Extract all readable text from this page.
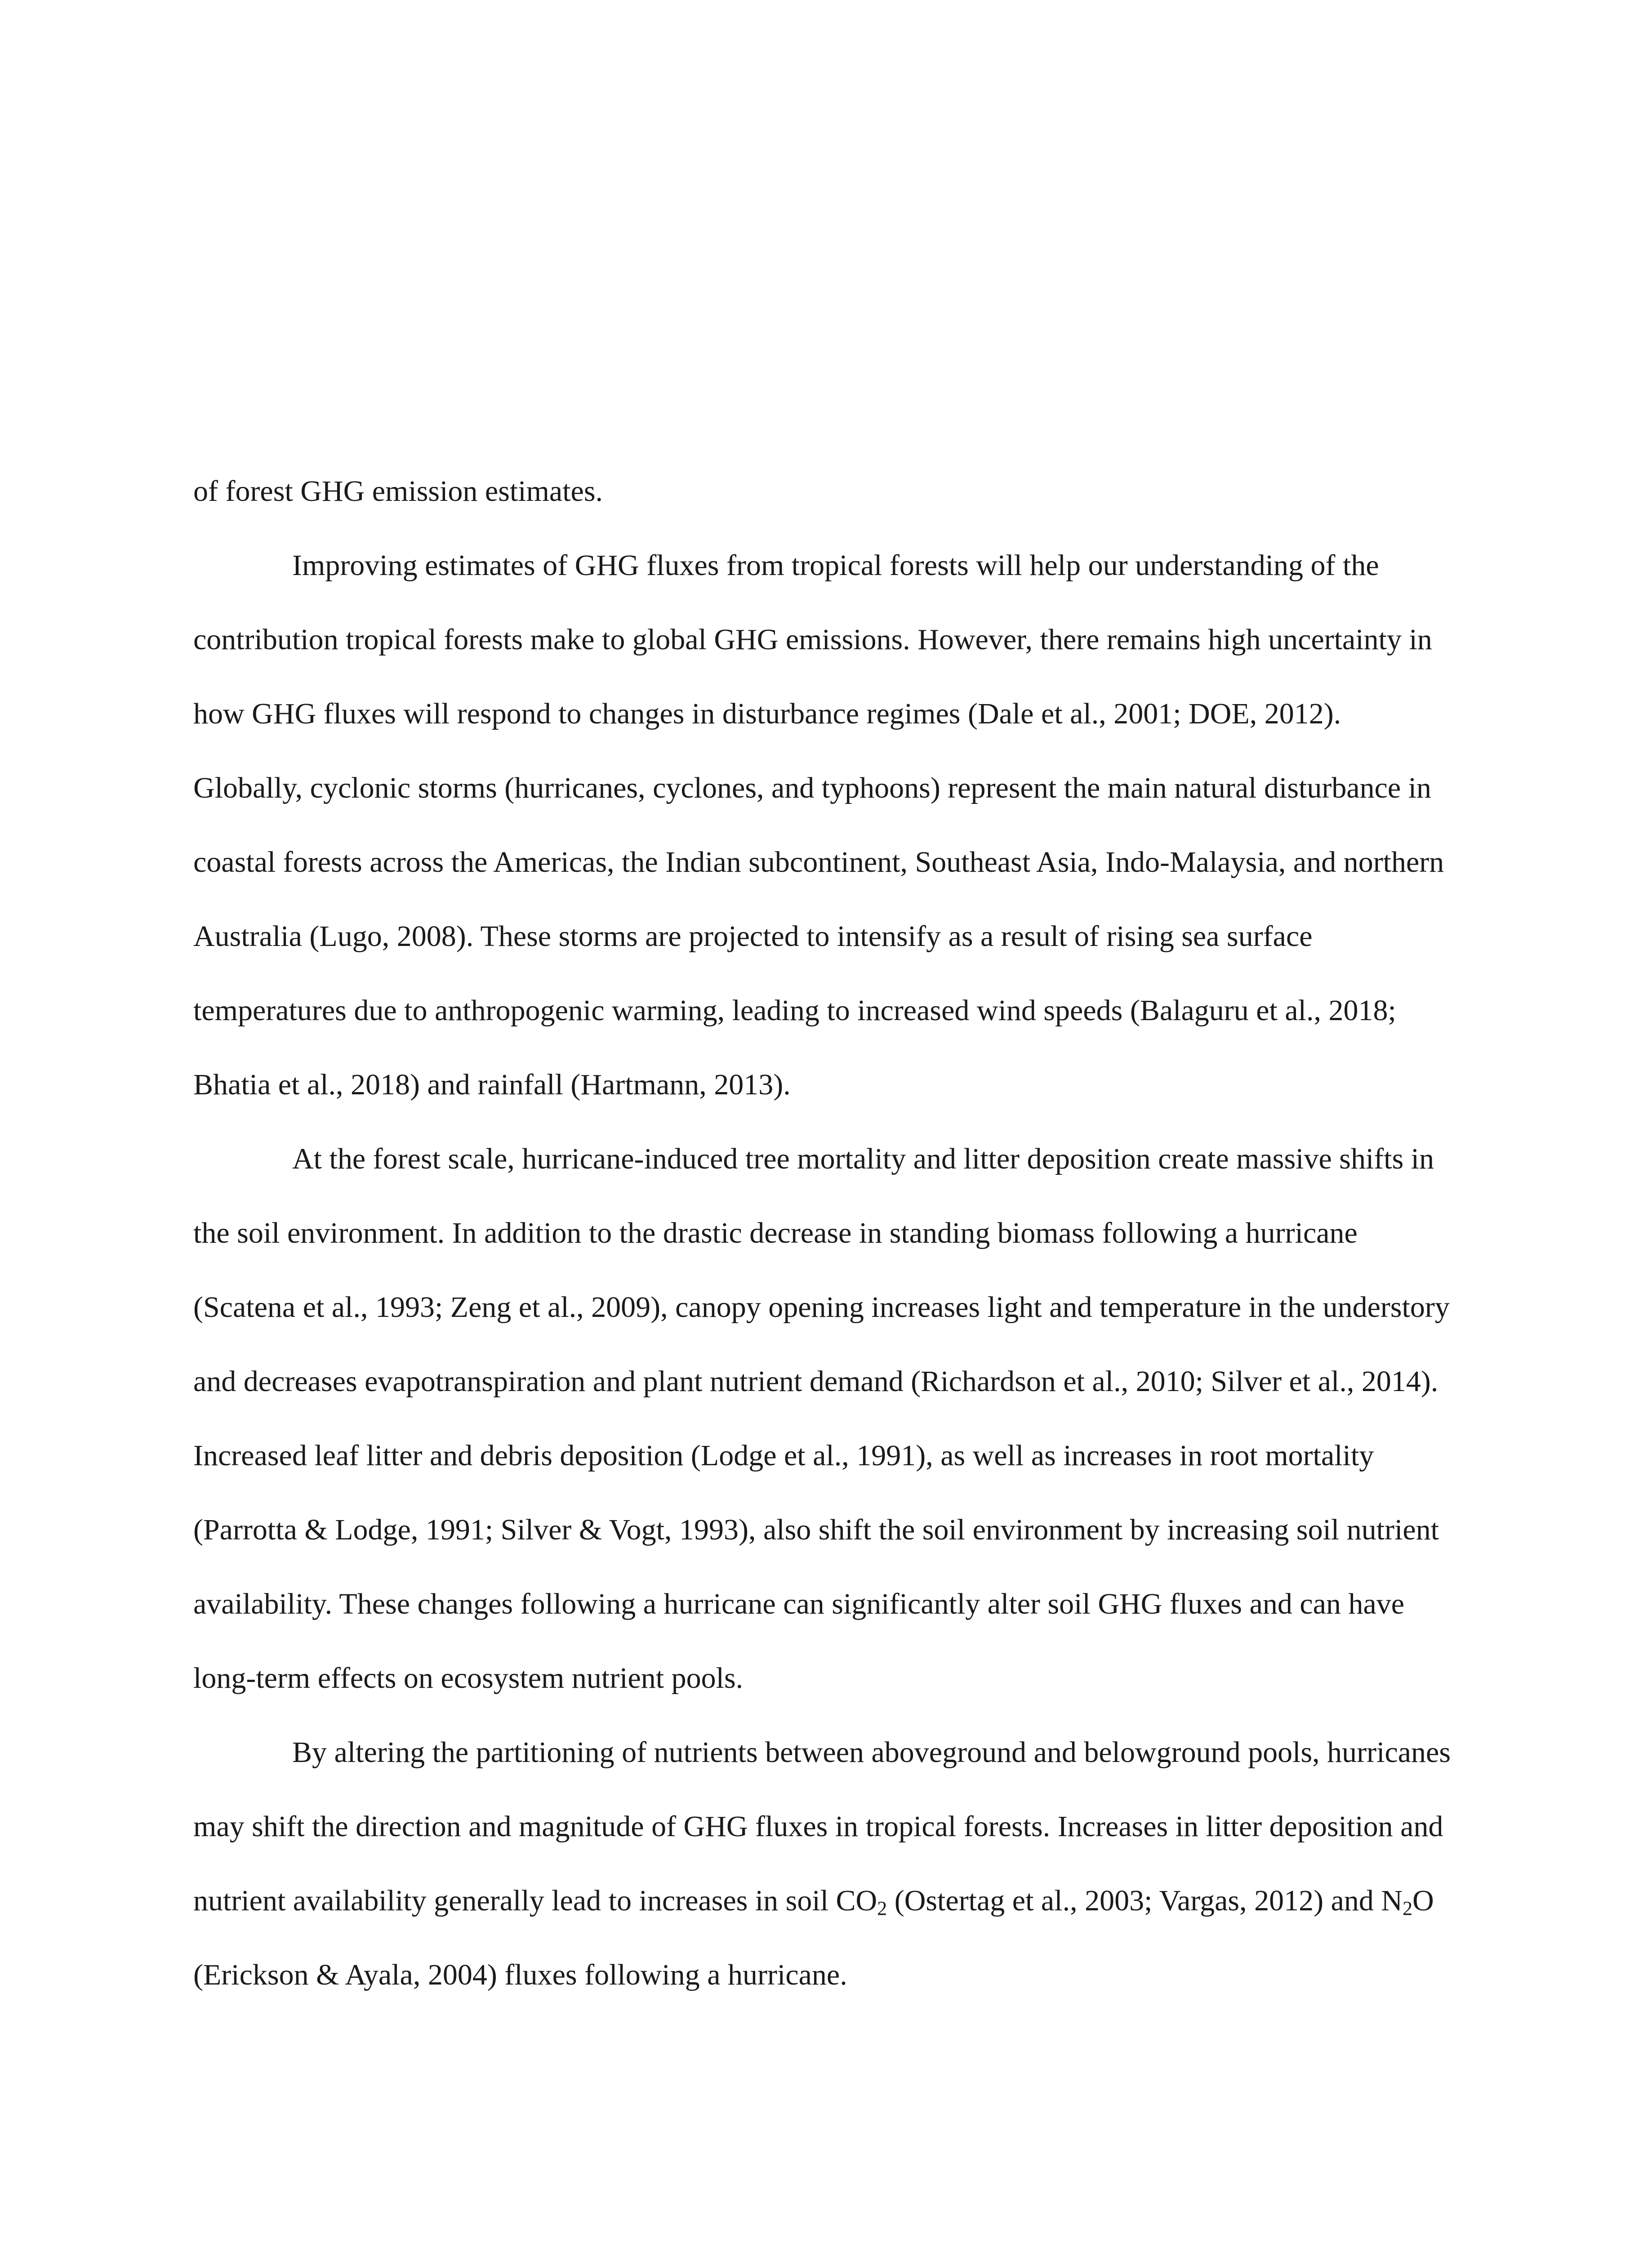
of forest GHG emission estimates.

Improving estimates of GHG fluxes from tropical forests will help our understanding of the contribution tropical forests make to global GHG emissions. However, there remains high uncertainty in how GHG fluxes will respond to changes in disturbance regimes (Dale et al., 2001; DOE, 2012). Globally, cyclonic storms (hurricanes, cyclones, and typhoons) represent the main natural disturbance in coastal forests across the Americas, the Indian subcontinent, Southeast Asia, Indo-Malaysia, and northern Australia (Lugo, 2008). These storms are projected to intensify as a result of rising sea surface temperatures due to anthropogenic warming, leading to increased wind speeds (Balaguru et al., 2018; Bhatia et al., 2018) and rainfall (Hartmann, 2013).

At the forest scale, hurricane-induced tree mortality and litter deposition create massive shifts in the soil environment. In addition to the drastic decrease in standing biomass following a hurricane (Scatena et al., 1993; Zeng et al., 2009), canopy opening increases light and temperature in the understory and decreases evapotranspiration and plant nutrient demand (Richardson et al., 2010; Silver et al., 2014). Increased leaf litter and debris deposition (Lodge et al., 1991), as well as increases in root mortality (Parrotta & Lodge, 1991; Silver & Vogt, 1993), also shift the soil environment by increasing soil nutrient availability. These changes following a hurricane can significantly alter soil GHG fluxes and can have long-term effects on ecosystem nutrient pools.

By altering the partitioning of nutrients between aboveground and belowground pools, hurricanes may shift the direction and magnitude of GHG fluxes in tropical forests. Increases in litter deposition and nutrient availability generally lead to increases in soil $CO_2$ (Ostertag et al., 2003; Vargas, 2012) and $N_2O$ (Erickson & Ayala, 2004) fluxes following a hurricane.
